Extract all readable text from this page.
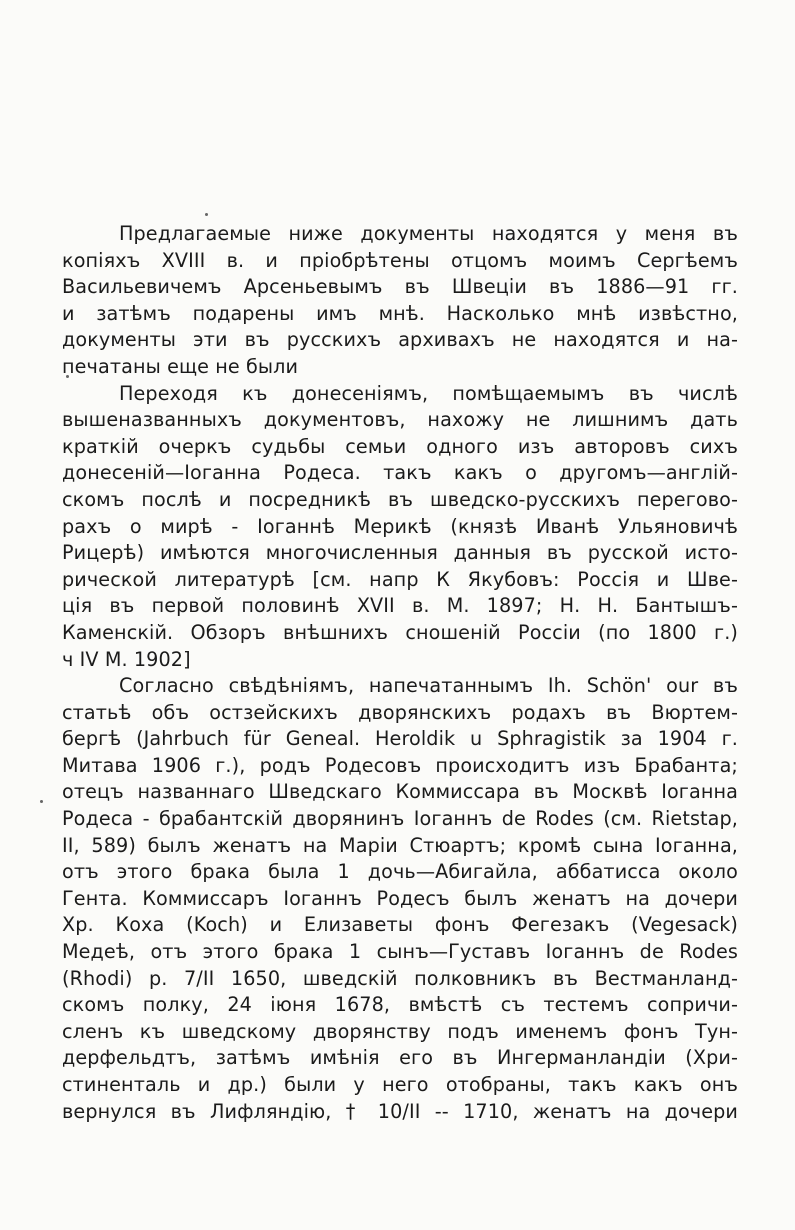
Предлагаемые ниже документы находятся у меня въ
копіяхъ XVIII в. и пріобрѣтены отцомъ моимъ Сергѣемъ
Васильевичемъ Арсеньевымъ въ Швеціи въ 1886—91 гг.
и затѣмъ подарены имъ мнѣ. Насколько мнѣ извѣстно,
документы эти въ русскихъ архивахъ не находятся и на-
печатаны еще не были
Переходя къ донесеніямъ, помѣщаемымъ въ числѣ
вышеназванныхъ документовъ, нахожу не лишнимъ дать
краткій очеркъ судьбы семьи одного изъ авторовъ сихъ
донесеній—Іоганна Родеса. такъ какъ о другомъ—англій-
скомъ послѣ и посредникѣ въ шведско-русскихъ перегово-
рахъ о мирѣ - Іоганнѣ Мерикѣ (князѣ Иванѣ Ульяновичѣ
Рицерѣ) имѣются многочисленныя данныя въ русской исто-
рической литературѣ [см. напр К Якубовъ: Россія и Шве-
ція въ первой половинѣ XVII в. М. 1897; Н. Н. Бантышъ-
Каменскій. Обзоръ внѣшнихъ сношеній Россіи (по 1800 г.)
ч IV М. 1902]
Согласно свѣдѣніямъ, напечатаннымъ Ih. Schön' our въ
статьѣ объ остзейскихъ дворянскихъ родахъ въ Вюртем-
бергѣ (Jahrbuch für Geneal. Heroldik u Sphragistik за 1904 г.
Митава 1906 г.), родъ Родесовъ происходитъ изъ Брабанта;
отецъ названнаго Шведскаго Коммиссара въ Москвѣ Іоганна
Родеса - брабантскій дворянинъ Іоганнъ de Rodes (см. Rietstap,
II, 589) былъ женатъ на Маріи Стюартъ; кромѣ сына Іоганна,
отъ этого брака была 1 дочь—Абигайла, аббатисса около
Гента. Коммиссаръ Іоганнъ Родесъ былъ женатъ на дочери
Хр. Коха (Koch) и Елизаветы фонъ Фегезакъ (Vegesack)
Медеѣ, отъ этого брака 1 сынъ—Густавъ Іоганнъ de Rodes
(Rhodi) р. 7/II 1650, шведскій полковникъ въ Вестманланд-
скомъ полку, 24 іюня 1678, вмѣстѣ съ тестемъ сопричи-
сленъ къ шведскому дворянству подъ именемъ фонъ Тун-
дерфельдтъ, затѣмъ имѣнія его въ Ингерманландіи (Хри-
стиненталь и др.) были у него отобраны, такъ какъ онъ
вернулся въ Лифляндію, † 10/II -- 1710, женатъ на дочери
